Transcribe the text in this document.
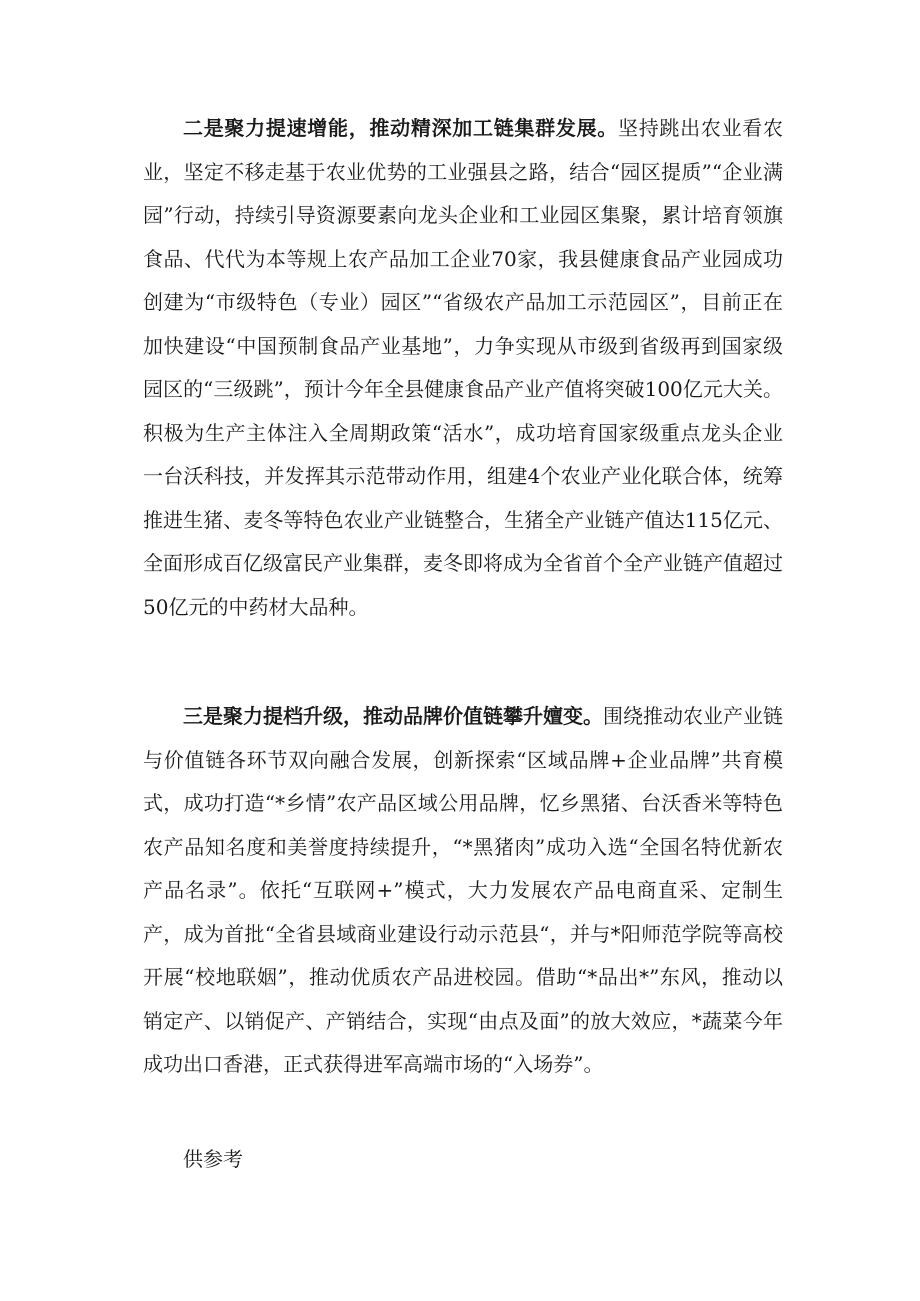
二是聚力提速增能，推动精深加工链集群发展。坚持跳出农业看农业，坚定不移走基于农业优势的工业强县之路，结合“园区提质”“企业满园”行动，持续引导资源要素向龙头企业和工业园区集聚，累计培育领旗食品、代代为本等规上农产品加工企业70家，我县健康食品产业园成功创建为“市级特色（专业）园区”“省级农产品加工示范园区”，目前正在加快建设“中国预制食品产业基地”，力争实现从市级到省级再到国家级园区的“三级跳”，预计今年全县健康食品产业产值将突破100亿元大关。积极为生产主体注入全周期政策“活水”，成功培育国家级重点龙头企业一台沃科技，并发挥其示范带动作用，组建4个农业产业化联合体，统筹推进生猪、麦冬等特色农业产业链整合，生猪全产业链产值达115亿元、全面形成百亿级富民产业集群，麦冬即将成为全省首个全产业链产值超过50亿元的中药材大品种。

三是聚力提档升级，推动品牌价值链攀升嬗变。围绕推动农业产业链与价值链各环节双向融合发展，创新探索“区域品牌+企业品牌”共育模式，成功打造“*乡情”农产品区域公用品牌，忆乡黑猪、台沃香米等特色农产品知名度和美誉度持续提升，“*黑猪肉”成功入选“全国名特优新农产品名录”。依托“互联网+”模式，大力发展农产品电商直采、定制生产，成为首批“全省县域商业建设行动示范县“，并与*阳师范学院等高校开展“校地联姻”，推动优质农产品进校园。借助“*品出*”东风，推动以销定产、以销促产、产销结合，实现“由点及面”的放大效应，*蔬菜今年成功出口香港，正式获得进军高端市场的“入场券”。

供参考
